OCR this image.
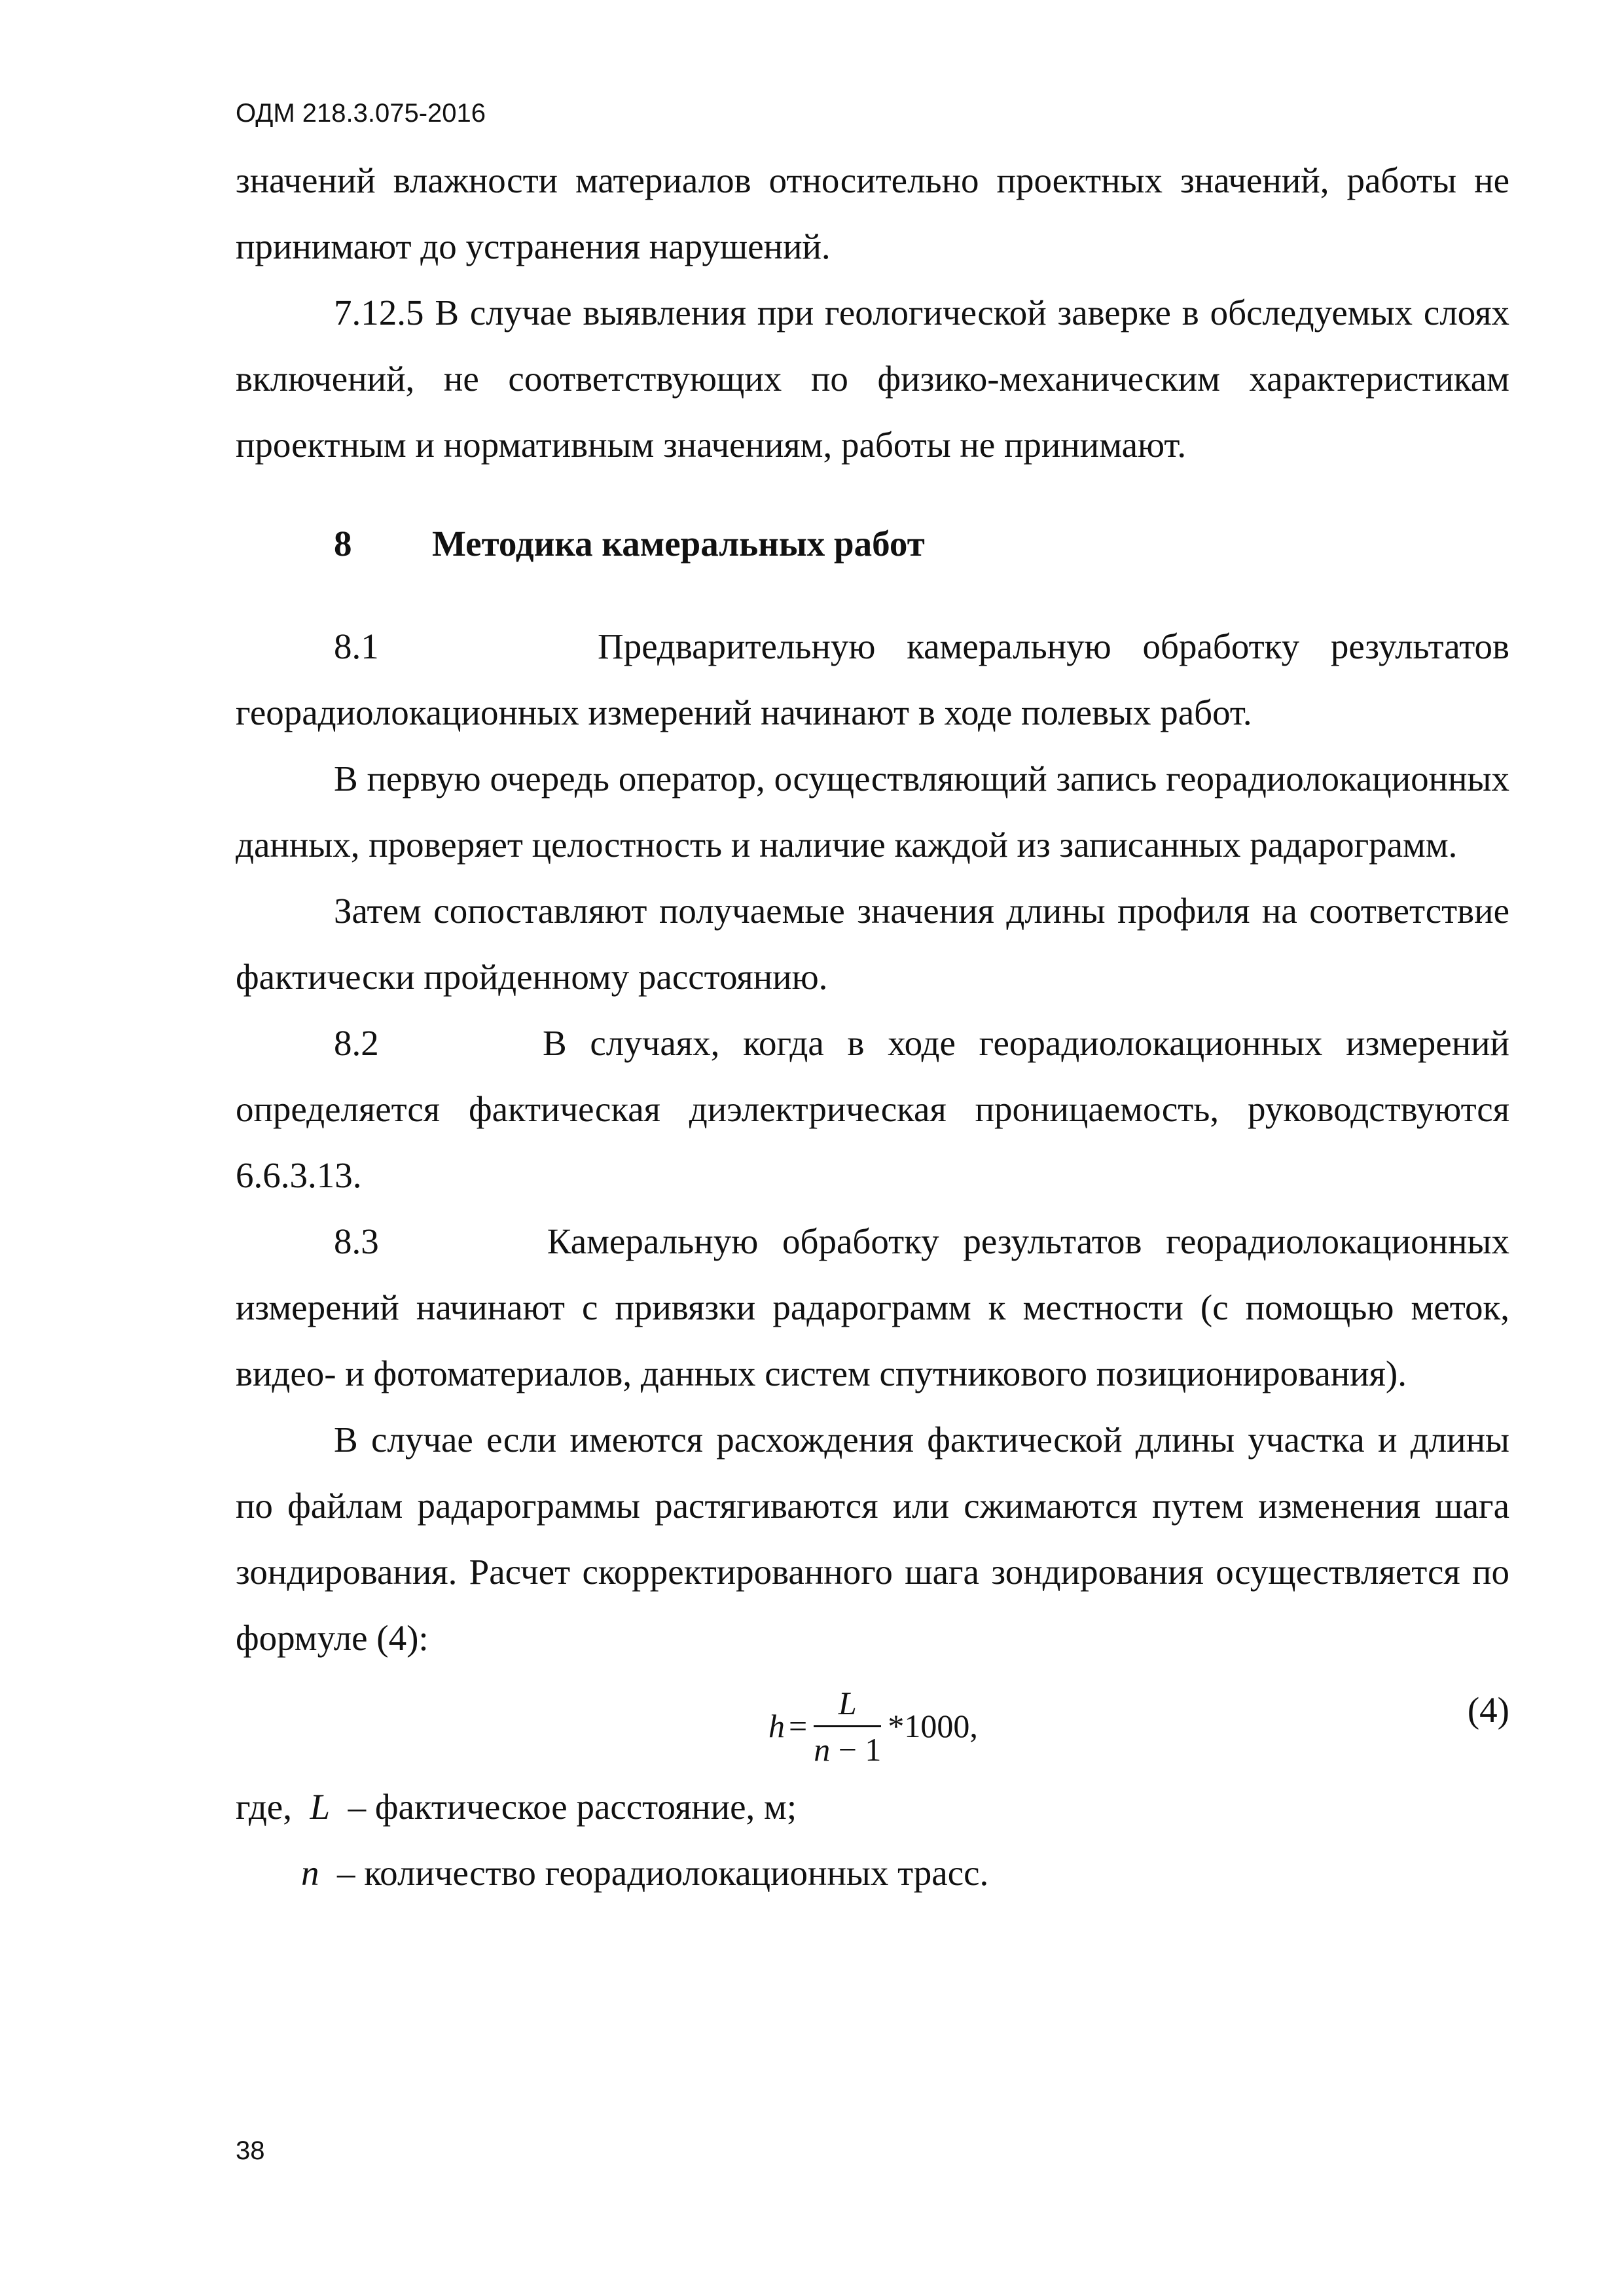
ОДМ 218.3.075-2016

значений влажности материалов относительно проектных значений, работы не принимают до устранения нарушений.

7.12.5 В случае выявления при геологической заверке в обследуемых слоях включений, не соответствующих по физико-механическим характеристикам проектным и нормативным значениям, работы не принимают.

8	Методика камеральных работ

8.1	Предварительную камеральную обработку результатов георадиолокационных измерений начинают в ходе полевых работ.

В первую очередь оператор, осуществляющий запись георадиолокационных данных, проверяет целостность и наличие каждой из записанных радарограмм.

Затем сопоставляют получаемые значения длины профиля на соответствие фактически пройденному расстоянию.

8.2	В случаях, когда в ходе георадиолокационных измерений определяется фактическая диэлектрическая проницаемость, руководствуются 6.6.3.13.

8.3	Камеральную обработку результатов георадиолокационных измерений начинают с привязки радарограмм к местности (с помощью меток, видео- и фотоматериалов, данных систем спутникового позиционирования).

В случае если имеются расхождения фактической длины участка и длины по файлам радарограммы растягиваются или сжимаются путем изменения шага зондирования. Расчет скорректированного шага зондирования осуществляется по формуле (4):

$h = \frac{L}{n - 1} *1000$ ,	(4)

где, L – фактическое расстояние, м;

n – количество георадиолокационных трасс.

38
